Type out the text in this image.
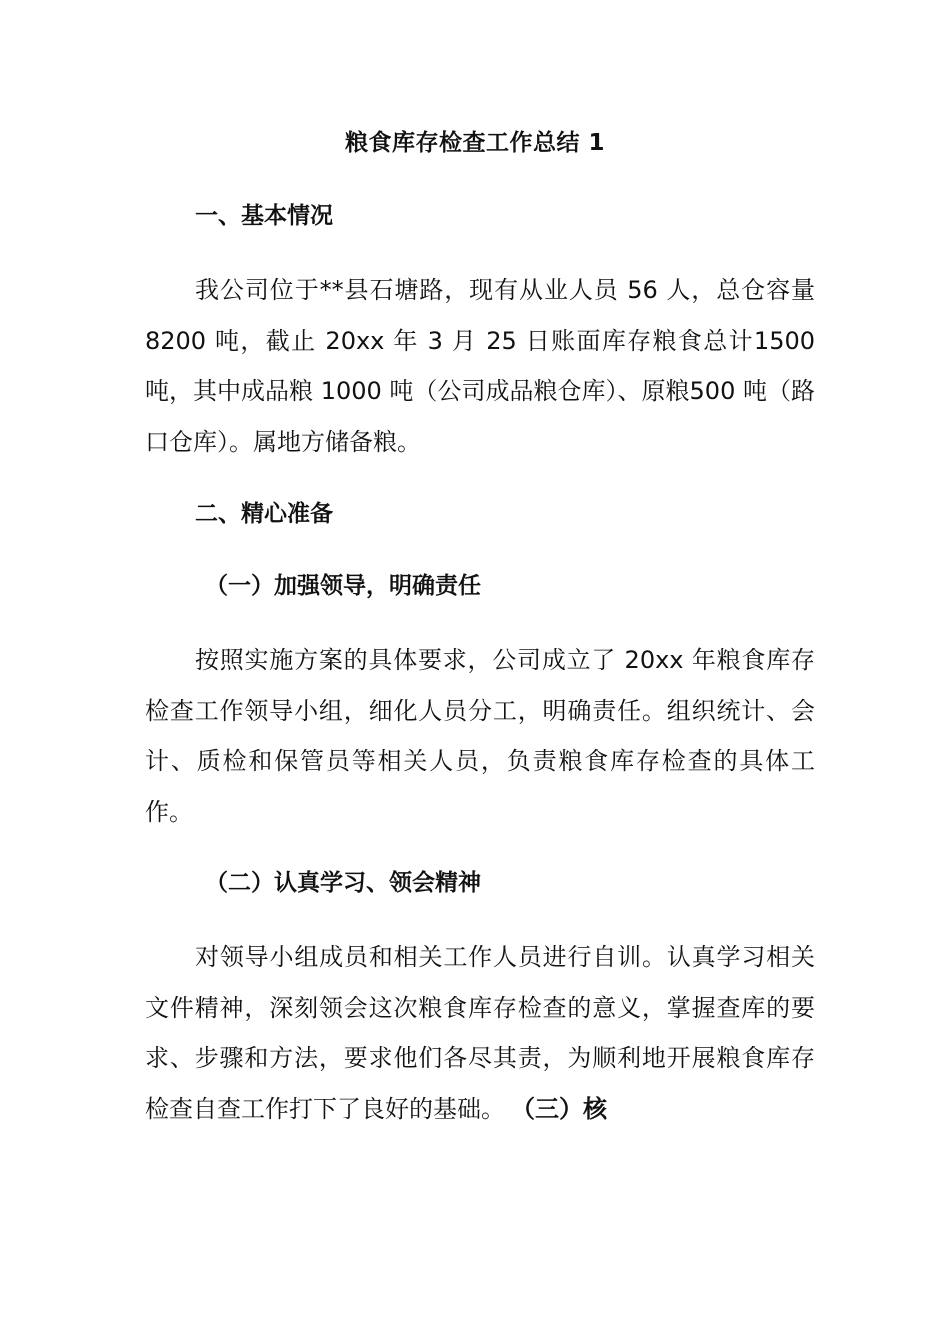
粮食库存检查工作总结 1
一、基本情况
我公司位于**县石塘路，现有从业人员 56 人，总仓容量 8200 吨，截止 20xx 年 3 月 25 日账面库存粮食总计1500 吨，其中成品粮 1000 吨（公司成品粮仓库）、原粮500 吨（路口仓库）。属地方储备粮。
二、精心准备
（一）加强领导，明确责任
按照实施方案的具体要求，公司成立了 20xx 年粮食库存检查工作领导小组，细化人员分工，明确责任。组织统计、会计、质检和保管员等相关人员，负责粮食库存检查的具体工作。
（二）认真学习、领会精神
对领导小组成员和相关工作人员进行自训。认真学习相关文件精神，深刻领会这次粮食库存检查的意义，掌握查库的要求、步骤和方法，要求他们各尽其责，为顺利地开展粮食库存检查自查工作打下了良好的基础。 （三）核
